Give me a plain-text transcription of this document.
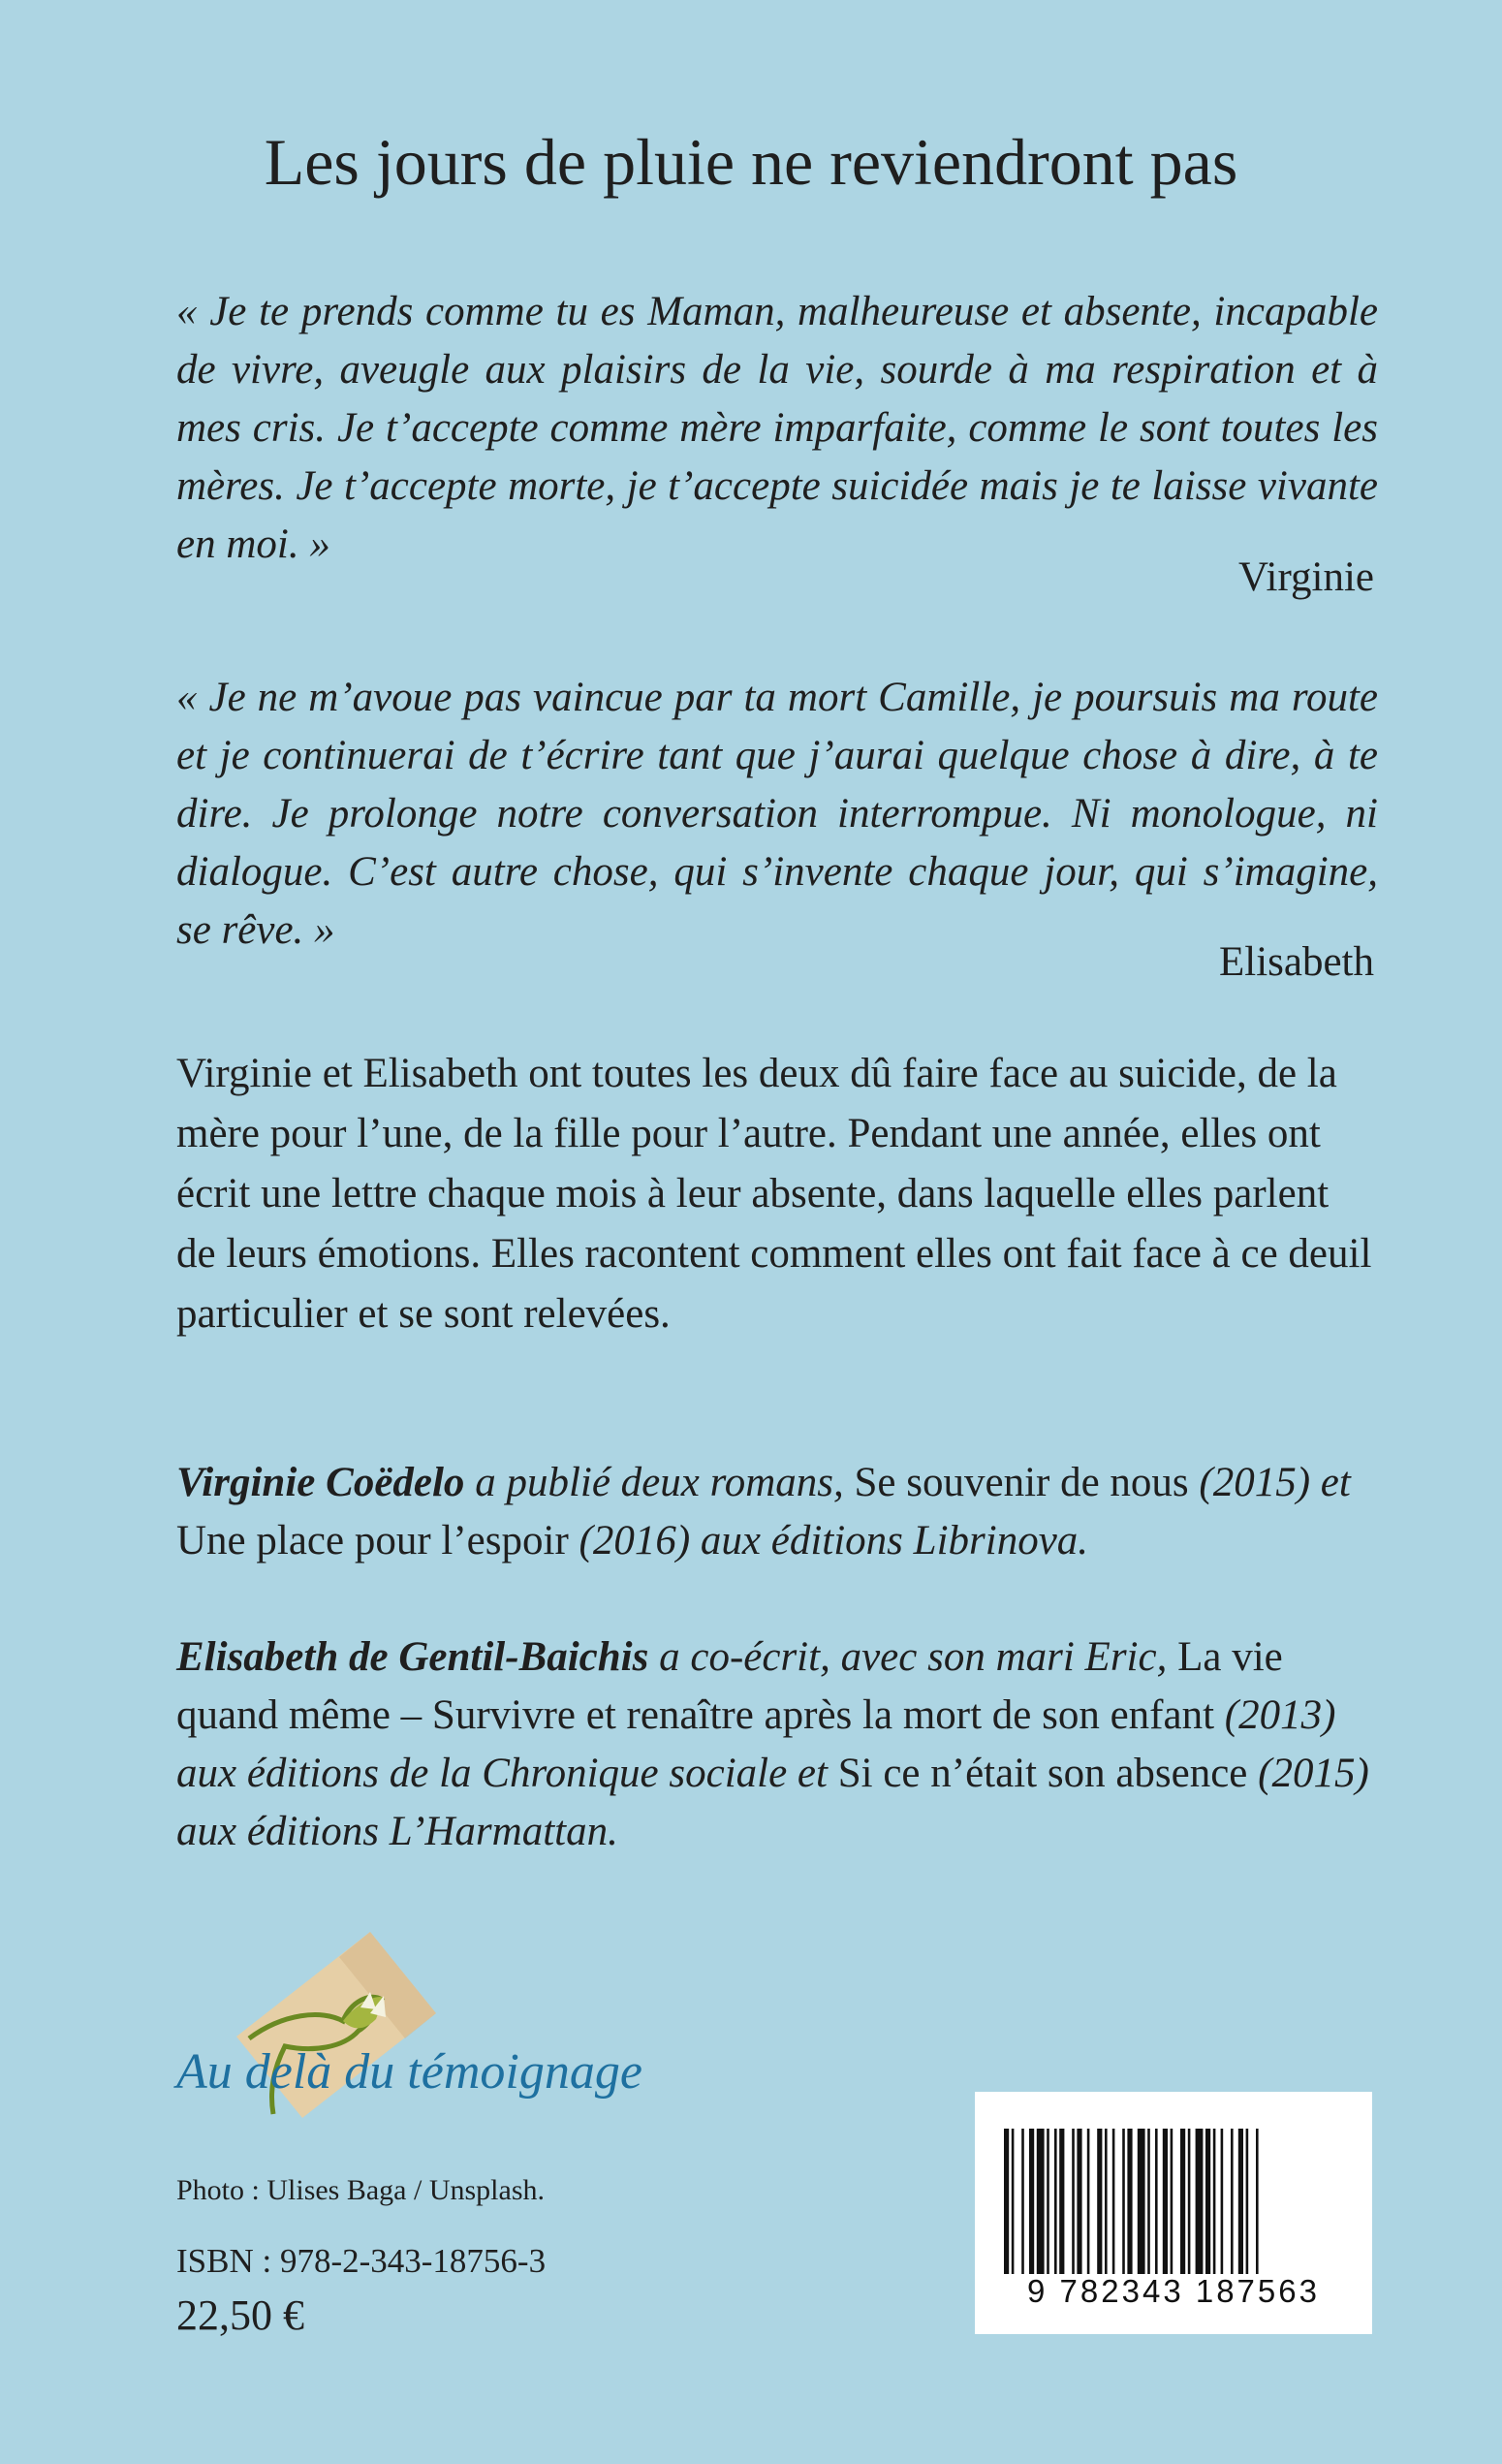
Les jours de pluie ne reviendront pas
« Je te prends comme tu es Maman, malheureuse et absente, incapable de vivre, aveugle aux plaisirs de la vie, sourde à ma respiration et à mes cris. Je t’accepte comme mère imparfaite, comme le sont toutes les mères. Je t’accepte morte, je t’accepte suicidée mais je te laisse vivante en moi. »
Virginie
« Je ne m’avoue pas vaincue par ta mort Camille, je poursuis ma route et je continuerai de t’écrire tant que j’aurai quelque chose à dire, à te dire. Je prolonge notre conversation interrompue. Ni monologue, ni dialogue. C’est autre chose, qui s’invente chaque jour, qui s’imagine, se rêve. »
Elisabeth
Virginie et Elisabeth ont toutes les deux dû faire face au suicide, de la mère pour l’une, de la fille pour l’autre. Pendant une année, elles ont écrit une lettre chaque mois à leur absente, dans laquelle elles parlent de leurs émotions. Elles racontent comment elles ont fait face à ce deuil particulier et se sont relevées.
Virginie Coëdelo a publié deux romans, Se souvenir de nous (2015) et Une place pour l’espoir (2016) aux éditions Librinova.
Elisabeth de Gentil-Baichis a co-écrit, avec son mari Eric, La vie quand même – Survivre et renaître après la mort de son enfant (2013) aux éditions de la Chronique sociale et Si ce n’était son absence (2015) aux éditions L’Harmattan.
Au delà du témoignage
Photo : Ulises Baga / Unsplash.
ISBN : 978-2-343-18756-3
22,50 €
9 782343 187563
